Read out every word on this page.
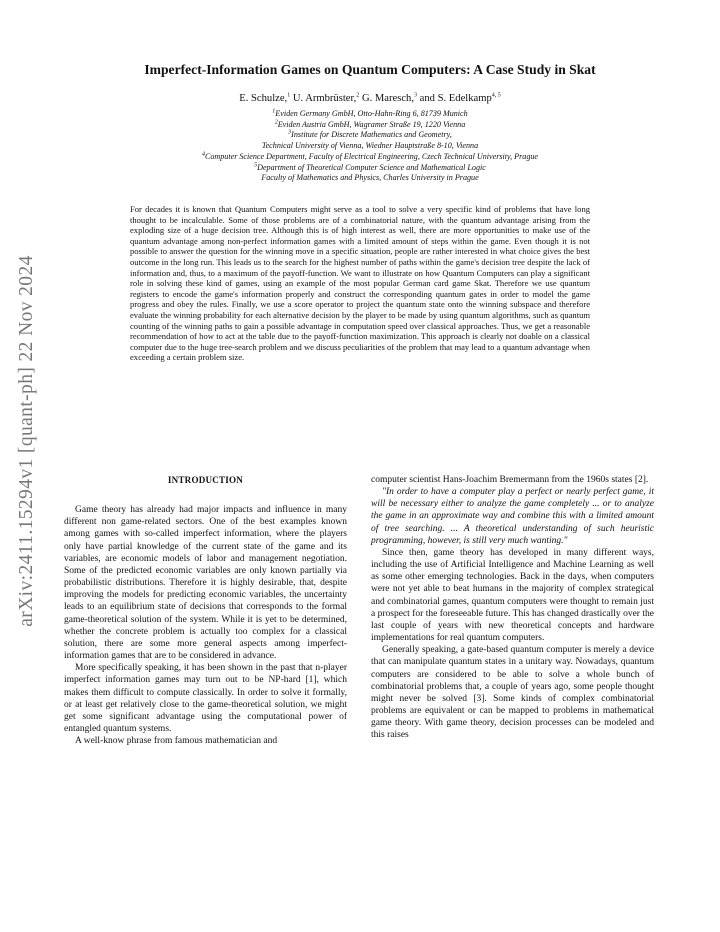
arXiv:2411.15294v1 [quant-ph] 22 Nov 2024
Imperfect-Information Games on Quantum Computers: A Case Study in Skat
E. Schulze,$^1$ U. Armbrüster,$^2$ G. Maresch,$^3$ and S. Edelkamp$^{4, 5}$
$^1$Eviden Germany GmbH, Otto-Hahn-Ring 6, 81739 Munich
$^2$Eviden Austria GmbH, Wagramer Straße 19, 1220 Vienna
$^3$Institute for Discrete Mathematics and Geometry,
Technical University of Vienna, Wiedner Hauptstraße 8-10, Vienna
$^4$Computer Science Department, Faculty of Electrical Engineering, Czech Technical University, Prague
$^5$Department of Theoretical Computer Science and Mathematical Logic
Faculty of Mathematics and Physics, Charles University in Prague
For decades it is known that Quantum Computers might serve as a tool to solve a very specific kind of problems that have long thought to be incalculable. Some of those problems are of a combinatorial nature, with the quantum advantage arising from the exploding size of a huge decision tree. Although this is of high interest as well, there are more opportunities to make use of the quantum advantage among non-perfect information games with a limited amount of steps within the game. Even though it is not possible to answer the question for the winning move in a specific situation, people are rather interested in what choice gives the best outcome in the long run. This leads us to the search for the highest number of paths within the game's decision tree despite the lack of information and, thus, to a maximum of the payoff-function. We want to illustrate on how Quantum Computers can play a significant role in solving these kind of games, using an example of the most popular German card game Skat. Therefore we use quantum registers to encode the game's information properly and construct the corresponding quantum gates in order to model the game progress and obey the rules. Finally, we use a score operator to project the quantum state onto the winning subspace and therefore evaluate the winning probability for each alternative decision by the player to be made by using quantum algorithms, such as quantum counting of the winning paths to gain a possible advantage in computation speed over classical approaches. Thus, we get a reasonable recommendation of how to act at the table due to the payoff-function maximization. This approach is clearly not doable on a classical computer due to the huge tree-search problem and we discuss peculiarities of the problem that may lead to a quantum advantage when exceeding a certain problem size.
INTRODUCTION

Game theory has already had major impacts and influence in many different non game-related sectors. One of the best examples known among games with so-called imperfect information, where the players only have partial knowledge of the current state of the game and its variables, are economic models of labor and management negotiation. Some of the predicted economic variables are only known partially via probabilistic distributions. Therefore it is highly desirable, that, despite improving the models for predicting economic variables, the uncertainty leads to an equilibrium state of decisions that corresponds to the formal game-theoretical solution of the system. While it is yet to be determined, whether the concrete problem is actually too complex for a classical solution, there are some more general aspects among imperfect-information games that are to be considered in advance.

More specifically speaking, it has been shown in the past that n-player imperfect information games may turn out to be NP-hard [1], which makes them difficult to compute classically. In order to solve it formally, or at least get relatively close to the game-theoretical solution, we might get some significant advantage using the computational power of entangled quantum systems.

A well-know phrase from famous mathematician and

computer scientist Hans-Joachim Bremermann from the 1960s states [2].

"In order to have a computer play a perfect or nearly perfect game, it will be necessary either to analyze the game completely ... or to analyze the game in an approximate way and combine this with a limited amount of tree searching. ... A theoretical understanding of such heuristic programming, however, is still very much wanting."

Since then, game theory has developed in many different ways, including the use of Artificial Intelligence and Machine Learning as well as some other emerging technologies. Back in the days, when computers were not yet able to beat humans in the majority of complex strategical and combinatorial games, quantum computers were thought to remain just a prospect for the foreseeable future. This has changed drastically over the last couple of years with new theoretical concepts and hardware implementations for real quantum computers.

Generally speaking, a gate-based quantum computer is merely a device that can manipulate quantum states in a unitary way. Nowadays, quantum computers are considered to be able to solve a whole bunch of combinatorial problems that, a couple of years ago, some people thought might never be solved [3]. Some kinds of complex combinatorial problems are equivalent or can be mapped to problems in mathematical game theory. With game theory, decision processes can be modeled and this raises
